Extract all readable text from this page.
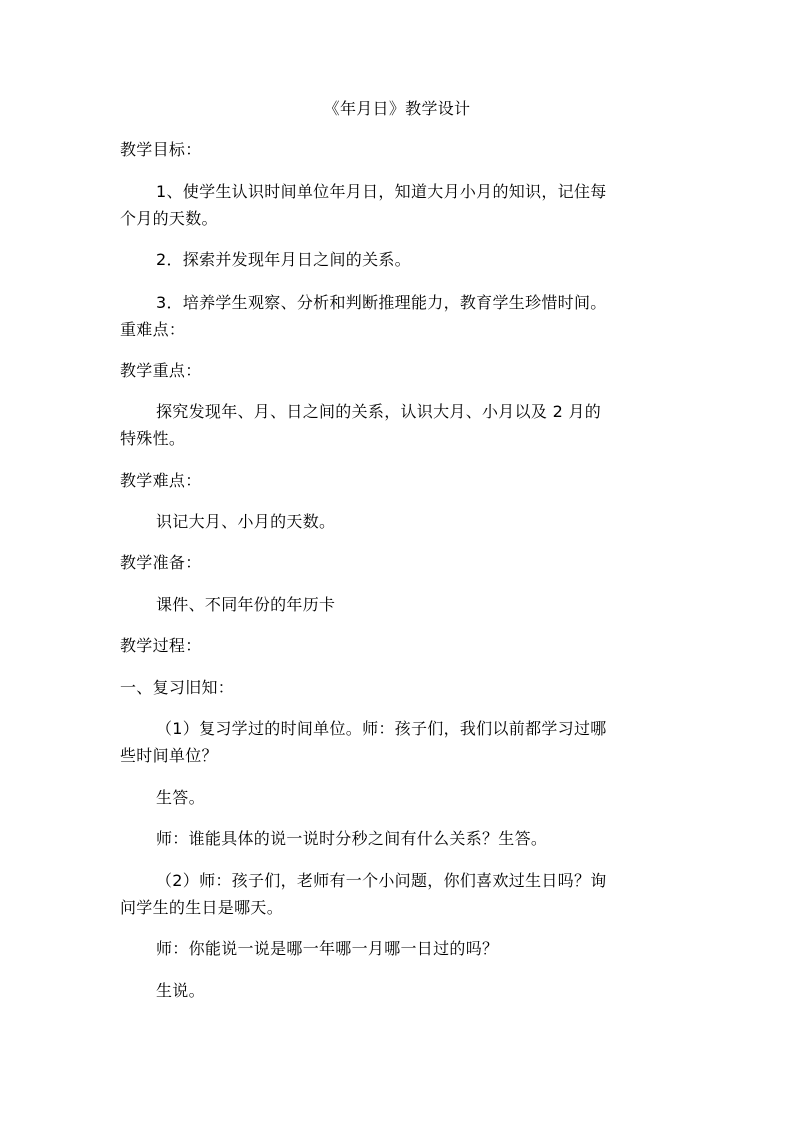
《年月日》教学设计
教学目标：
1、使学生认识时间单位年月日，知道大月小月的知识，记住每
个月的天数。
2．探索并发现年月日之间的关系。
3．培养学生观察、分析和判断推理能力，教育学生珍惜时间。
重难点：
教学重点：
探究发现年、月、日之间的关系，认识大月、小月以及 2 月的
特殊性。
教学难点：
识记大月、小月的天数。
教学准备：
课件、不同年份的年历卡
教学过程：
一、复习旧知：
（1）复习学过的时间单位。师：孩子们，我们以前都学习过哪
些时间单位？
生答。
师：谁能具体的说一说时分秒之间有什么关系？生答。
（2）师：孩子们，老师有一个小问题，你们喜欢过生日吗？询
问学生的生日是哪天。
师：你能说一说是哪一年哪一月哪一日过的吗？
生说。
